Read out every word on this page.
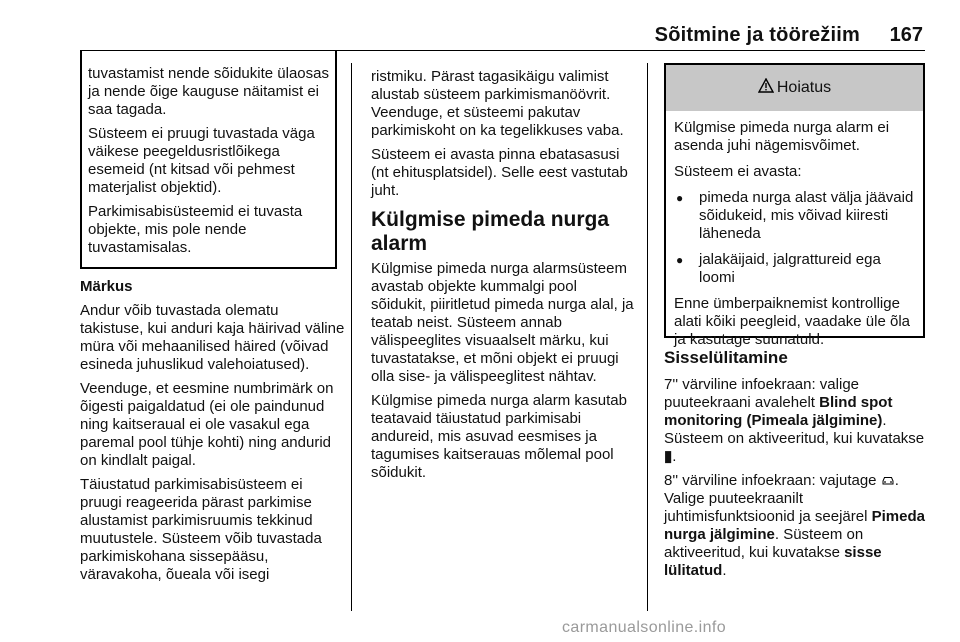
Sõitmine ja töörežiim 167

tuvastamist nende sõidukite ülaosas ja nende õige kauguse näitamist ei saa tagada.

Süsteem ei pruugi tuvastada väga väikese peegeldusristlõikega esemeid (nt kitsad või pehmest materjalist objektid).

Parkimisabisüsteemid ei tuvasta objekte, mis pole nende tuvastamisalas.

Märkus

Andur võib tuvastada olematu takistuse, kui anduri kaja häirivad väline müra või mehaanilised häired (võivad esineda juhuslikud valehoiatused).

Veenduge, et eesmine numbrimärk on õigesti paigaldatud (ei ole paindunud ning kaitseraual ei ole vasakul ega paremal pool tühje kohti) ning andurid on kindlalt paigal.

Täiustatud parkimisabisüsteem ei pruugi reageerida pärast parkimise alustamist parkimisruumis tekkinud muutustele. Süsteem võib tuvastada parkimiskohana sissepääsu, väravakoha, õueala või isegi

ristmiku. Pärast tagasikäigu valimist alustab süsteem parkimismanöövrit. Veenduge, et süsteemi pakutav parkimiskoht on ka tegelikkuses vaba.

Süsteem ei avasta pinna ebatasasusi (nt ehitusplatsidel). Selle eest vastutab juht.

Külgmise pimeda nurga alarm

Külgmise pimeda nurga alarmsüsteem avastab objekte kummalgi pool sõidukit, piiritletud pimeda nurga alal, ja teatab neist. Süsteem annab välispeeglites visuaalselt märku, kui tuvastatakse, et mõni objekt ei pruugi olla sise- ja välispeeglitest nähtav.

Külgmise pimeda nurga alarm kasutab teatavaid täiustatud parkimisabi andureid, mis asuvad eesmises ja tagumises kaitserauas mõlemal pool sõidukit.

Hoiatus

Külgmise pimeda nurga alarm ei asenda juhi nägemisvõimet.

Süsteem ei avasta:

● pimeda nurga alast välja jäävaid sõidukeid, mis võivad kiiresti läheneda
● jalakäijaid, jalgrattureid ega loomi

Enne ümberpaiknemist kontrollige alati kõiki peegleid, vaadake üle õla ja kasutage suunatuld.

Sisselülitamine

7'' värviline infoekraan: valige puuteekraani avalehelt Blind spot monitoring (Pimeala jälgimine). Süsteem on aktiveeritud, kui kuvatakse ▮.

8'' värviline infoekraan: vajutage . Valige puuteekraanilt juhtimisfunktsioonid ja seejärel Pimeda nurga jälgimine. Süsteem on aktiveeritud, kui kuvatakse sisse lülitatud.

carmanualsonline.info
